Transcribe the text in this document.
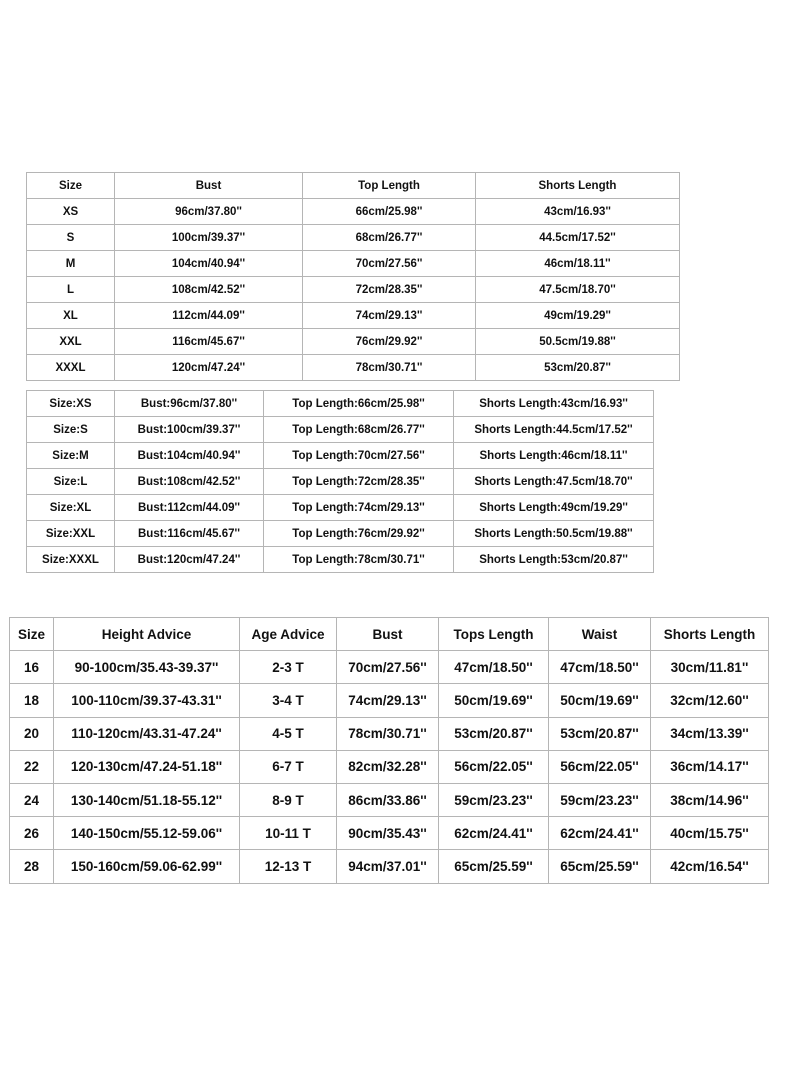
Size	Bust	Top Length	Shorts Length
XS	96cm/37.80''	66cm/25.98''	43cm/16.93''
S	100cm/39.37''	68cm/26.77''	44.5cm/17.52''
M	104cm/40.94''	70cm/27.56''	46cm/18.11''
L	108cm/42.52''	72cm/28.35''	47.5cm/18.70''
XL	112cm/44.09''	74cm/29.13''	49cm/19.29''
XXL	116cm/45.67''	76cm/29.92''	50.5cm/19.88''
XXXL	120cm/47.24''	78cm/30.71''	53cm/20.87''
Size:XS	Bust:96cm/37.80''	Top Length:66cm/25.98''	Shorts Length:43cm/16.93''
Size:S	Bust:100cm/39.37''	Top Length:68cm/26.77''	Shorts Length:44.5cm/17.52''
Size:M	Bust:104cm/40.94''	Top Length:70cm/27.56''	Shorts Length:46cm/18.11''
Size:L	Bust:108cm/42.52''	Top Length:72cm/28.35''	Shorts Length:47.5cm/18.70''
Size:XL	Bust:112cm/44.09''	Top Length:74cm/29.13''	Shorts Length:49cm/19.29''
Size:XXL	Bust:116cm/45.67''	Top Length:76cm/29.92''	Shorts Length:50.5cm/19.88''
Size:XXXL	Bust:120cm/47.24''	Top Length:78cm/30.71''	Shorts Length:53cm/20.87''
Size	Height Advice	Age Advice	Bust	Tops Length	Waist	Shorts Length
16	90-100cm/35.43-39.37''	2-3 T	70cm/27.56''	47cm/18.50''	47cm/18.50''	30cm/11.81''
18	100-110cm/39.37-43.31''	3-4 T	74cm/29.13''	50cm/19.69''	50cm/19.69''	32cm/12.60''
20	110-120cm/43.31-47.24''	4-5 T	78cm/30.71''	53cm/20.87''	53cm/20.87''	34cm/13.39''
22	120-130cm/47.24-51.18''	6-7 T	82cm/32.28''	56cm/22.05''	56cm/22.05''	36cm/14.17''
24	130-140cm/51.18-55.12''	8-9 T	86cm/33.86''	59cm/23.23''	59cm/23.23''	38cm/14.96''
26	140-150cm/55.12-59.06''	10-11 T	90cm/35.43''	62cm/24.41''	62cm/24.41''	40cm/15.75''
28	150-160cm/59.06-62.99''	12-13 T	94cm/37.01''	65cm/25.59''	65cm/25.59''	42cm/16.54''
